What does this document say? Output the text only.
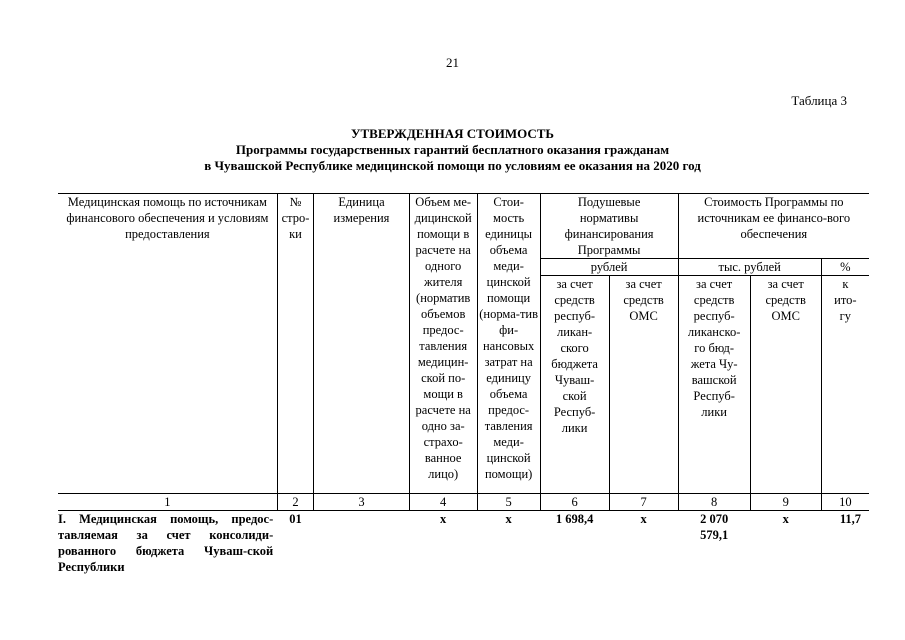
21
Таблица 3
УТВЕРЖДЕННАЯ СТОИМОСТЬ
Программы государственных гарантий бесплатного оказания гражданам
в Чувашской Республике медицинской помощи по условиям ее оказания на 2020 год
Медицинская помощь по источникам финансового обеспечения и условиям предоставления	№ стро-ки	Единица измерения	Объем ме-дицинской помощи в расчете на одного жителя (норматив объемов предос-тавления медицин-ской по-мощи в расчете на одно за-страхо-ванное лицо)	Стои-мость единицы объема меди-цинской помощи (норма-тив фи-нансовых затрат на единицу объема предос-тавления меди-цинской помощи)	Подушевые нормативы финансирования Программы		Стоимость Программы по источникам ее финансо-вого обеспечения		
					рублей		тыс. рублей		%
					за счет средств респуб-ликан-ского бюджета Чуваш-ской Респуб-лики	за счет средств ОМС	за счет средств респуб-ликанско-го бюд-жета Чу-вашской Респуб-лики	за счет средств ОМС	к ито-гу
1	2	3	4	5	6	7	8	9	10
I. Медицинская помощь, предос-тавляемая за счет консолиди-рованного бюджета Чуваш-ской Республики	01		х	х	1 698,4	х	2 070 579,1	х	11,7
